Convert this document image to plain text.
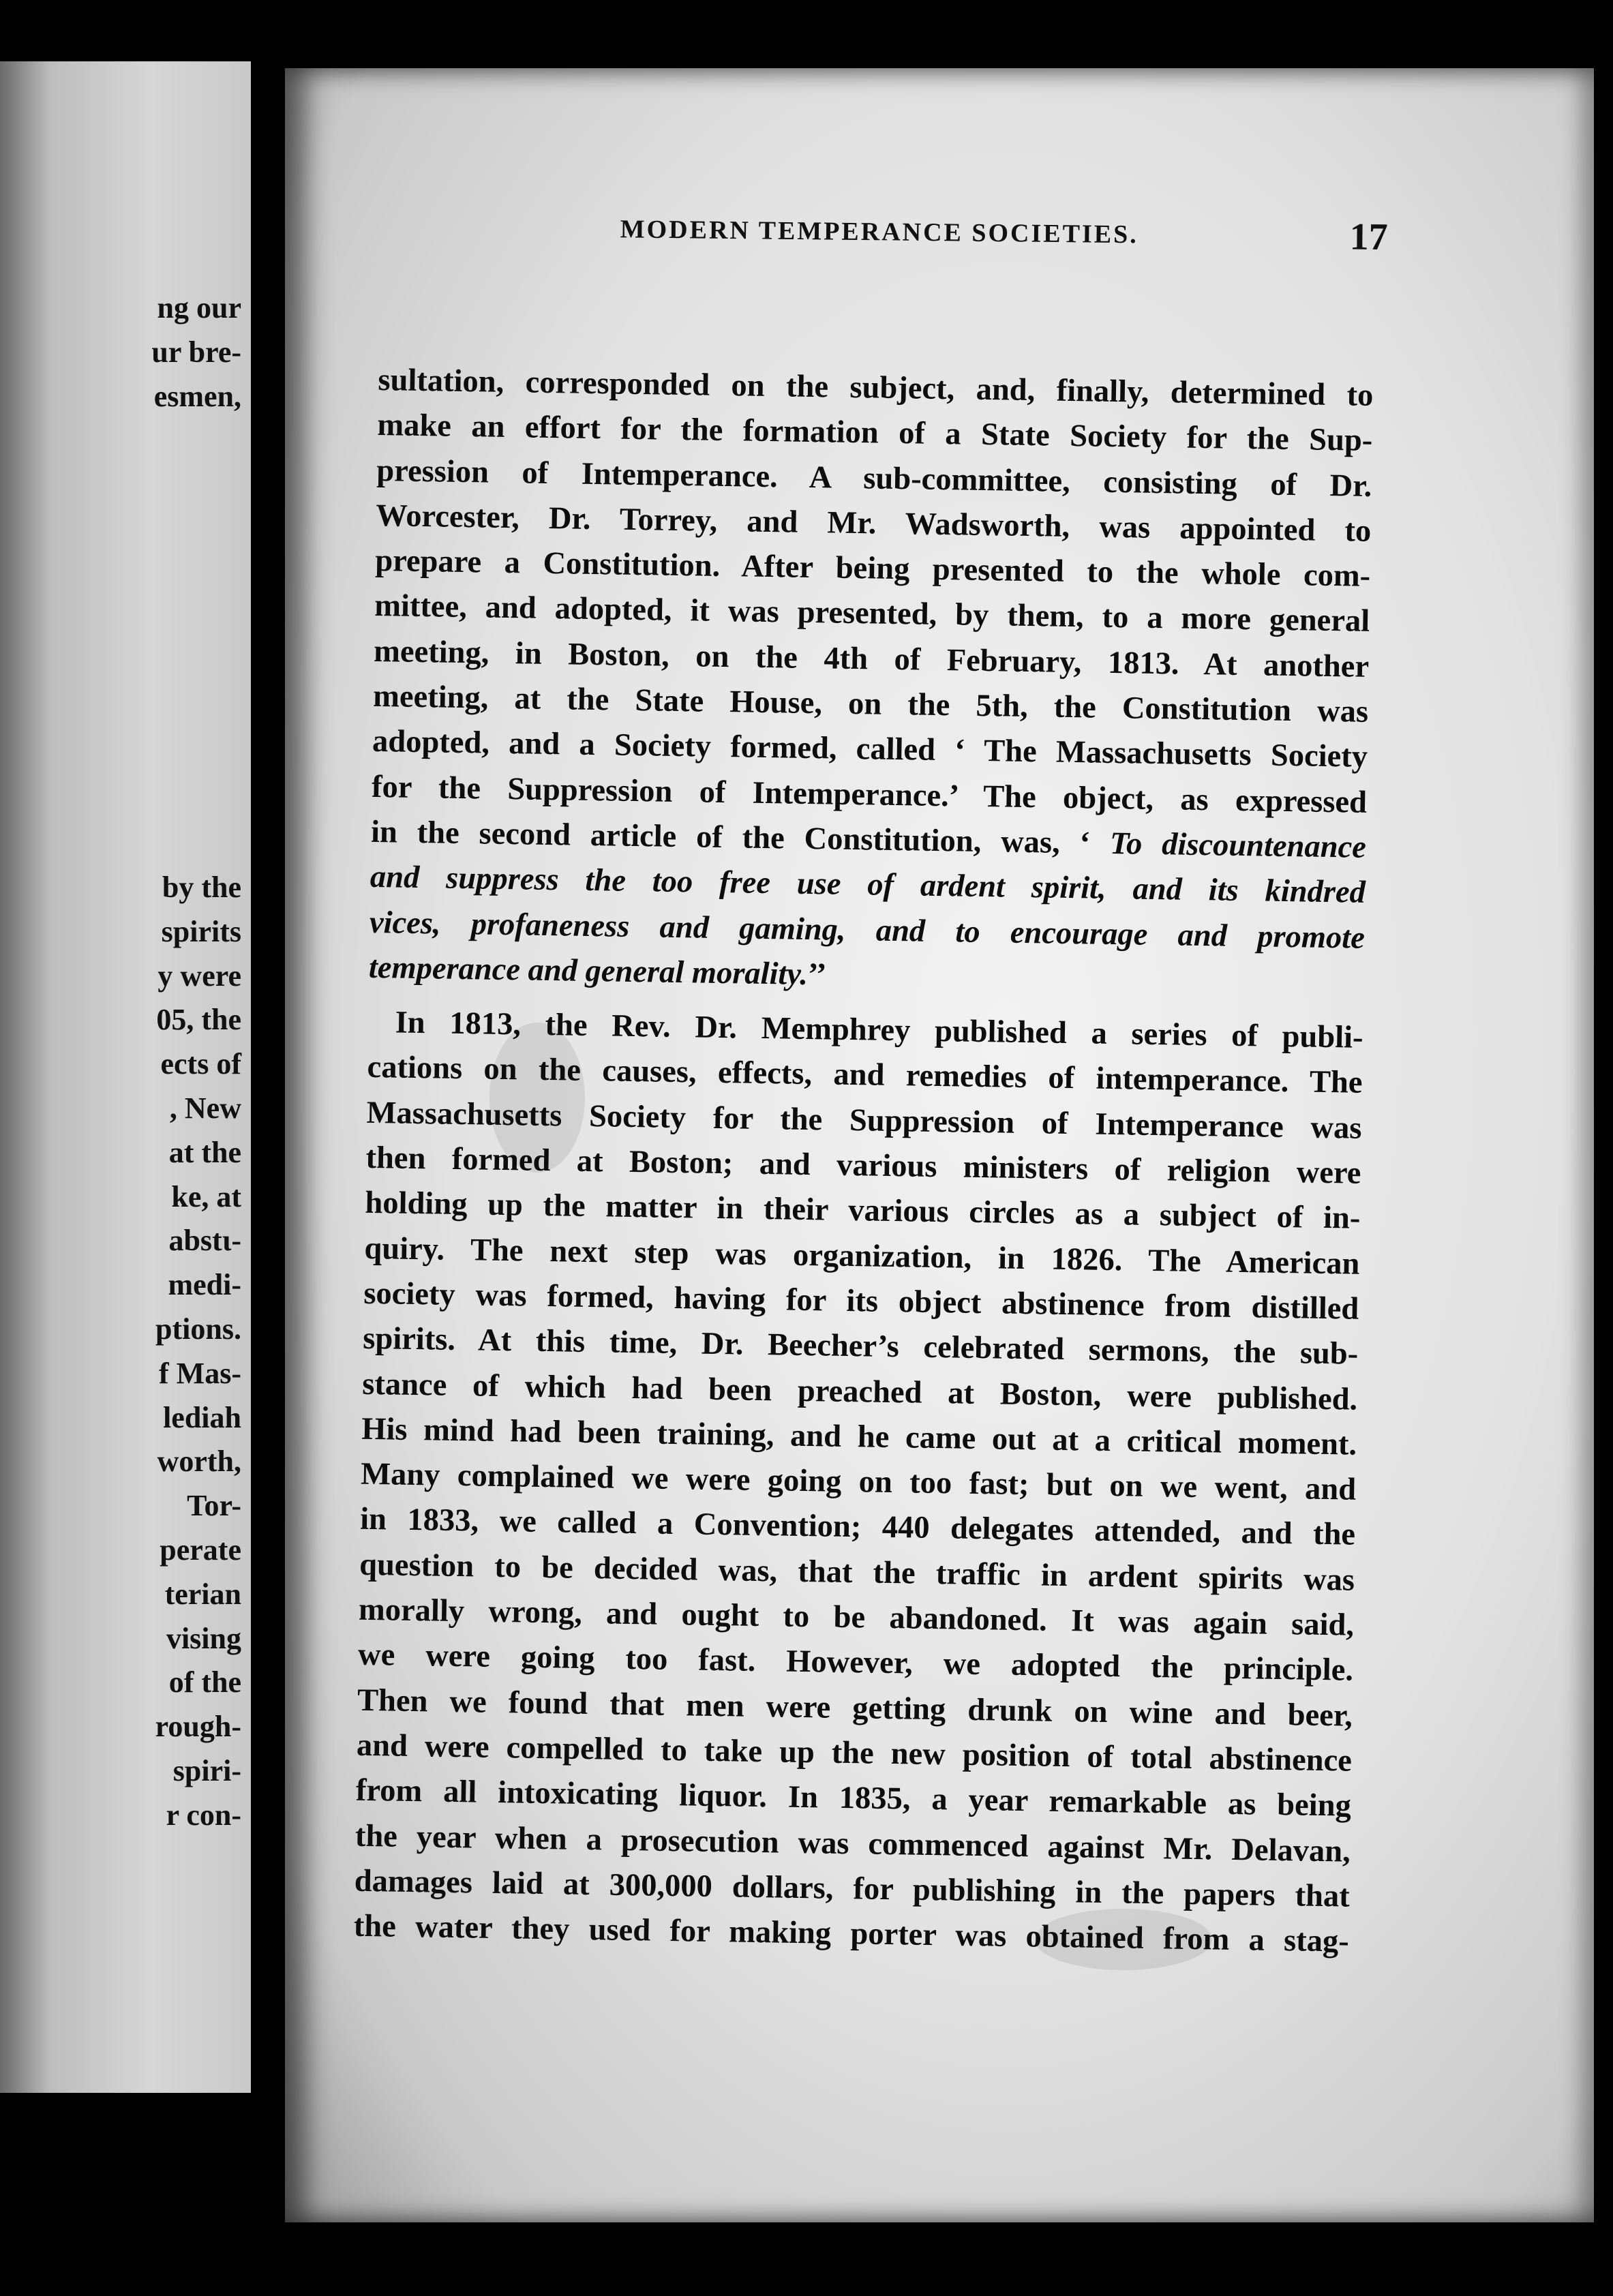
ng our
ur bre-
esmen,
by the
spirits
y were
05, the
ects of
, New
at the
ke, at
abstι-
medi-
ptions.
f Mas-
lediah
worth,
Tor-
perate
terian
vising
of the
rough-
spiri-
r con-
MODERN TEMPERANCE SOCIETIES.	17
sultation, corresponded on the subject, and, finally, determined to
make an effort for the formation of a State Society for the Sup-
pression of Intemperance. A sub-committee, consisting of Dr.
Worcester, Dr. Torrey, and Mr. Wadsworth, was appointed to
prepare a Constitution. After being presented to the whole com-
mittee, and adopted, it was presented, by them, to a more general
meeting, in Boston, on the 4th of February, 1813. At another
meeting, at the State House, on the 5th, the Constitution was
adopted, and a Society formed, called ‘ The Massachusetts Society
for the Suppression of Intemperance.’ The object, as expressed
in the second article of the Constitution, was, ‘ To discountenance
and suppress the too free use of ardent spirit, and its kindred
vices, profaneness and gaming, and to encourage and promote
temperance and general morality.’’
In 1813, the Rev. Dr. Memphrey published a series of publi-
cations on the causes, effects, and remedies of intemperance. The
Massachusetts Society for the Suppression of Intemperance was
then formed at Boston; and various ministers of religion were
holding up the matter in their various circles as a subject of in-
quiry. The next step was organization, in 1826. The American
society was formed, having for its object abstinence from distilled
spirits. At this time, Dr. Beecher’s celebrated sermons, the sub-
stance of which had been preached at Boston, were published.
His mind had been training, and he came out at a critical moment.
Many complained we were going on too fast; but on we went, and
in 1833, we called a Convention; 440 delegates attended, and the
question to be decided was, that the traffic in ardent spirits was
morally wrong, and ought to be abandoned. It was again said,
we were going too fast. However, we adopted the principle.
Then we found that men were getting drunk on wine and beer,
and were compelled to take up the new position of total abstinence
from all intoxicating liquor. In 1835, a year remarkable as being
the year when a prosecution was commenced against Mr. Delavan,
damages laid at 300,000 dollars, for publishing in the papers that
the water they used for making porter was obtained from a stag-
